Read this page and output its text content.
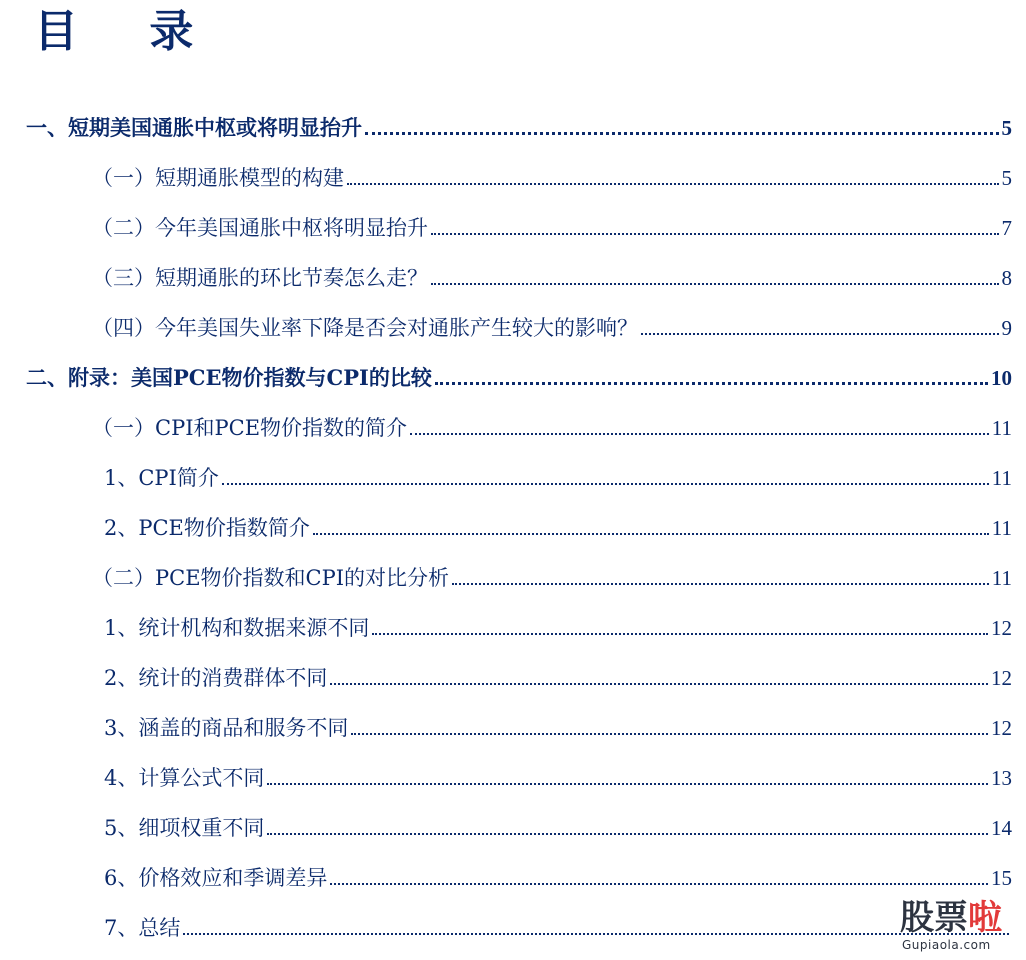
目 录
一、短期美国通胀中枢或将明显抬升	5
（一）短期通胀模型的构建	5
（二）今年美国通胀中枢将明显抬升	7
（三）短期通胀的环比节奏怎么走？	8
（四）今年美国失业率下降是否会对通胀产生较大的影响？	9
二、附录：美国PCE物价指数与CPI的比较	10
（一）CPI和PCE物价指数的简介	11
1、CPI简介	11
2、PCE物价指数简介	11
（二）PCE物价指数和CPI的对比分析	11
1、统计机构和数据来源不同	12
2、统计的消费群体不同	12
3、涵盖的商品和服务不同	12
4、计算公式不同	13
5、细项权重不同	14
6、价格效应和季调差异	15
7、总结	股票啦
Gupiaola.com
